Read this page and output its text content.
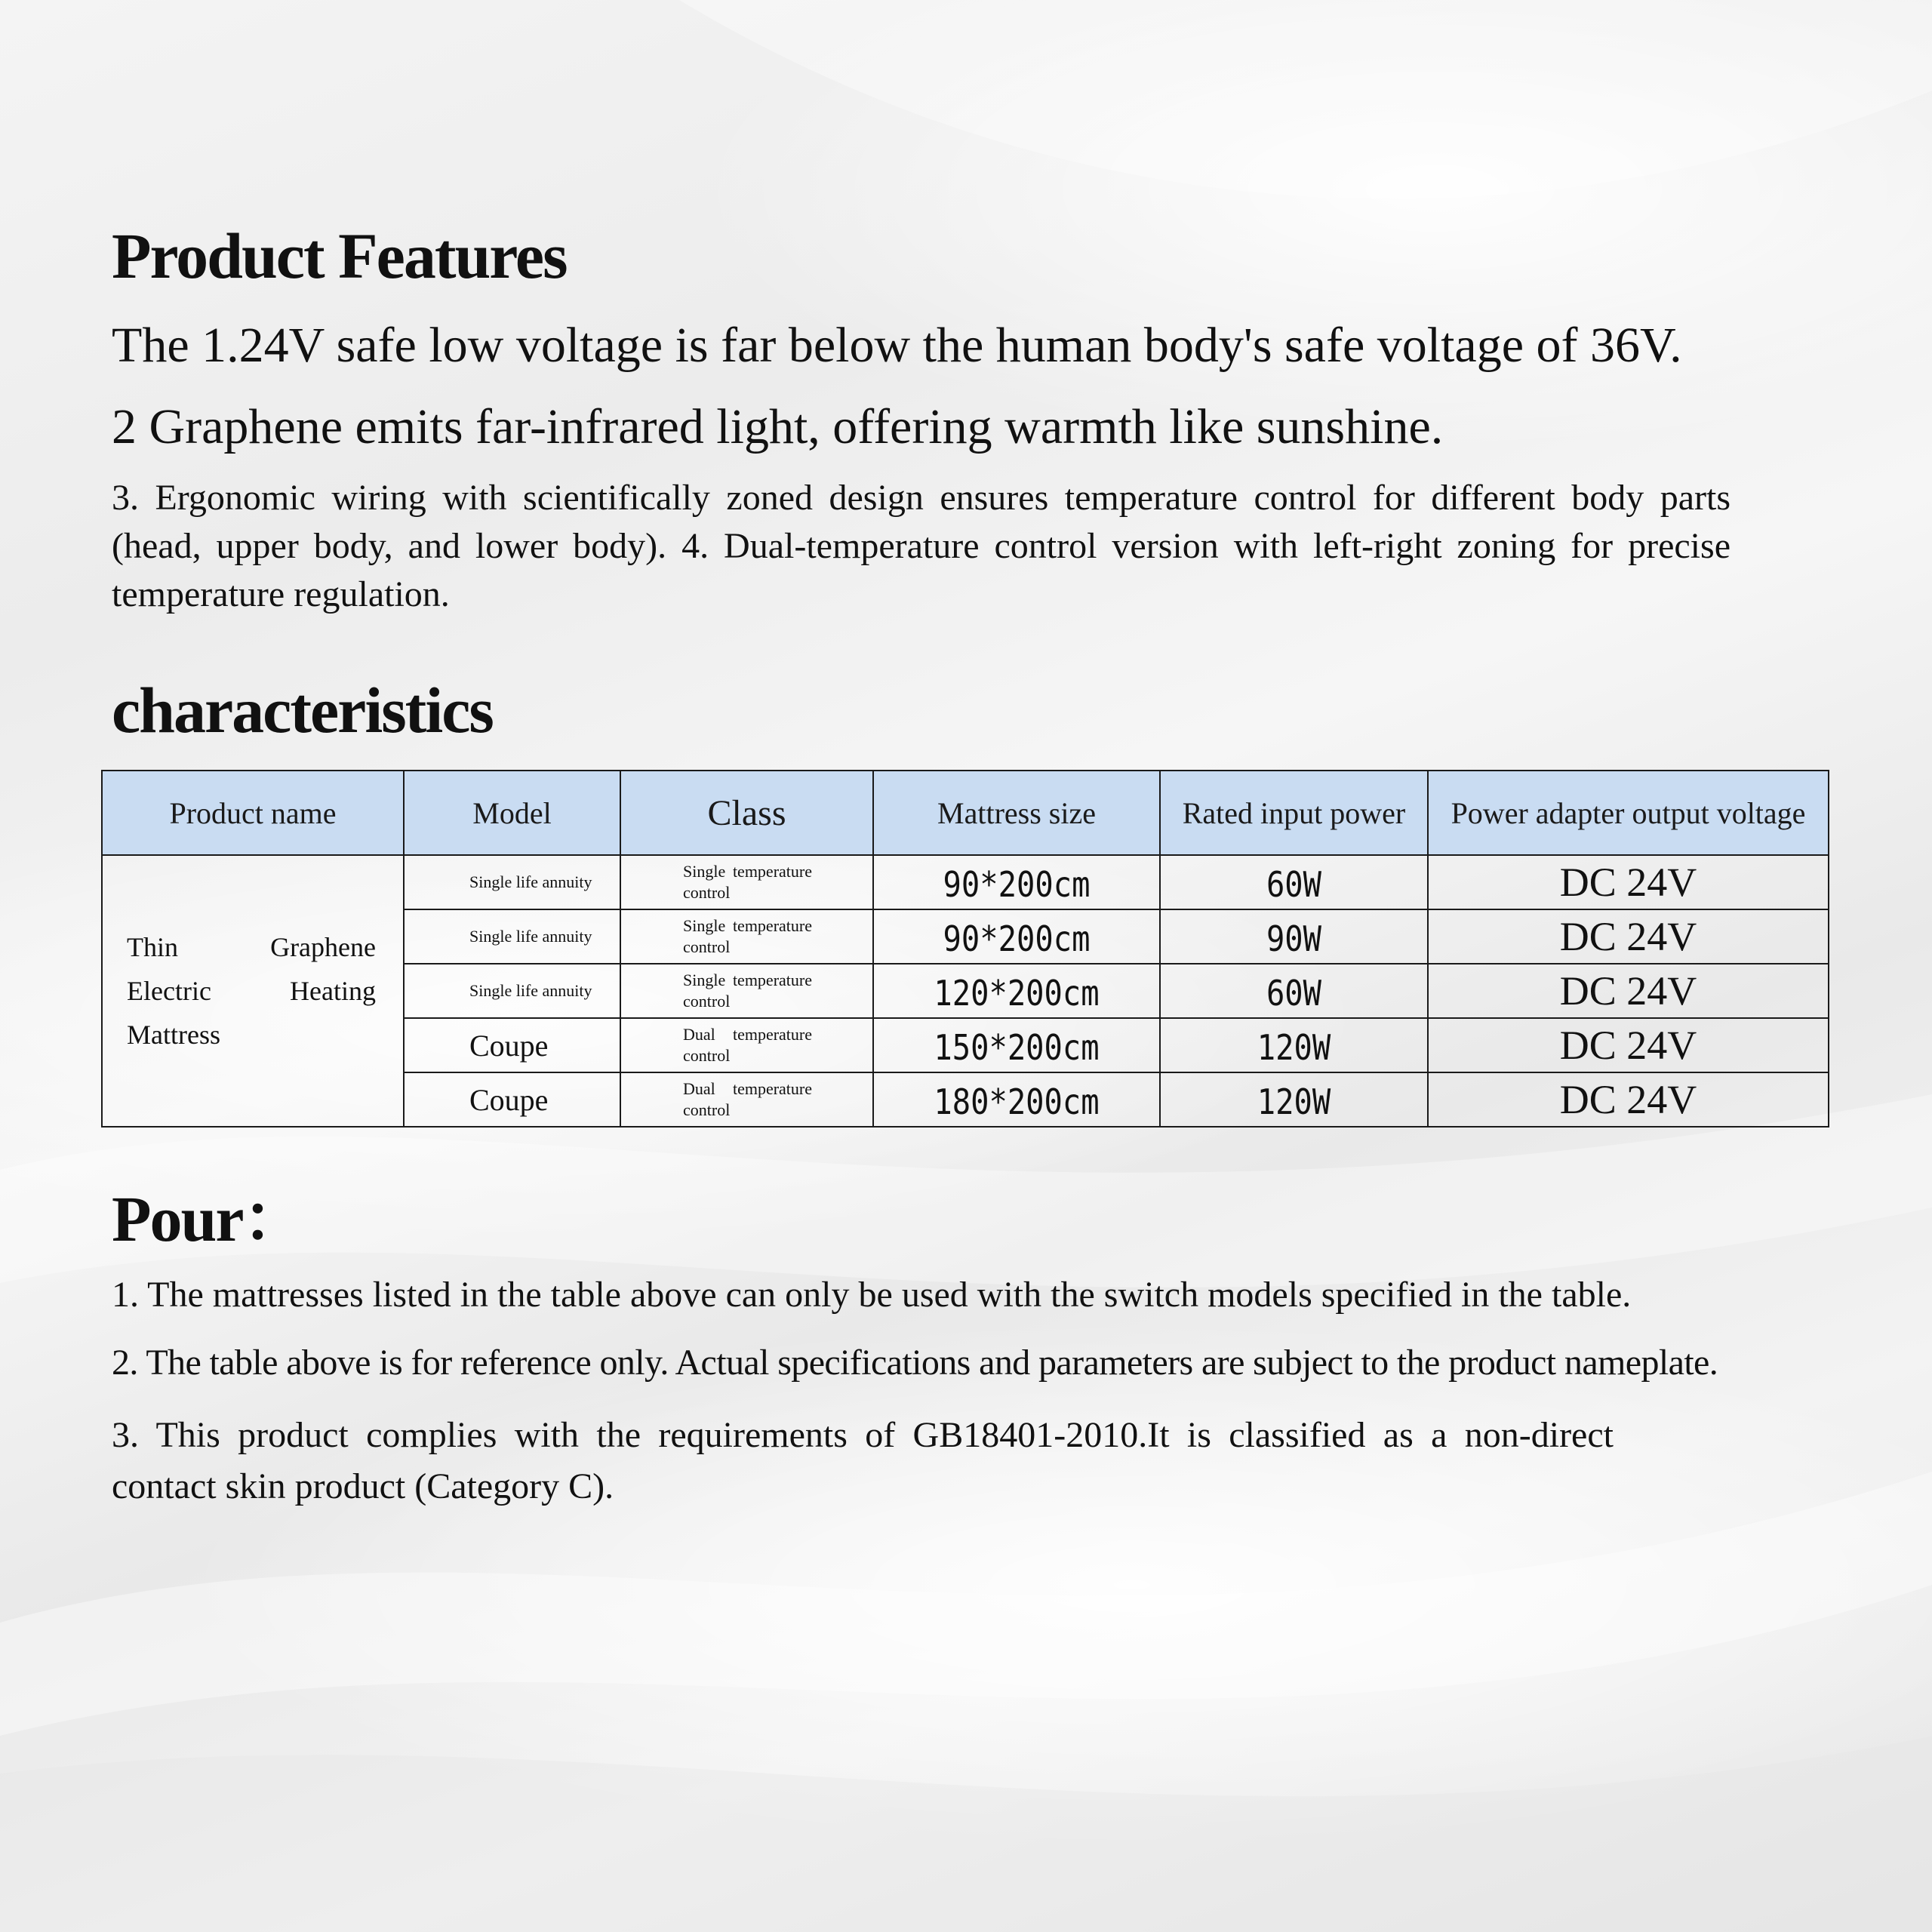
Product Features

The 1.24V safe low voltage is far below the human body's safe voltage of 36V.

2 Graphene emits far-infrared light, offering warmth like sunshine.

3. Ergonomic wiring with scientifically zoned design ensures temperature control for different body parts (head, upper body, and lower body). 4. Dual-temperature control version with left-right zoning for precise temperature regulation.

characteristics
Product name	Model	Class	Mattress size	Rated input power	Power adapter output voltage
Thin Graphene Electric Heating Mattress	Single life annuity	Single temperature control	90*200cm	60W	DC 24V

	Single life annuity	Single temperature control	90*200cm	90W	DC 24V

	Single life annuity	Single temperature control	120*200cm	60W	DC 24V
	Coupe	Dual temperature control	150*200cm	120W	DC 24V
	Coupe	Dual temperature control	180*200cm	120W	DC 24V
Pour：

1. The mattresses listed in the table above can only be used with the switch models specified in the table.

2. The table above is for reference only. Actual specifications and parameters are subject to the product nameplate.

3. This product complies with the requirements of GB18401-2010.It is classified as a non-direct contact skin product (Category C).
